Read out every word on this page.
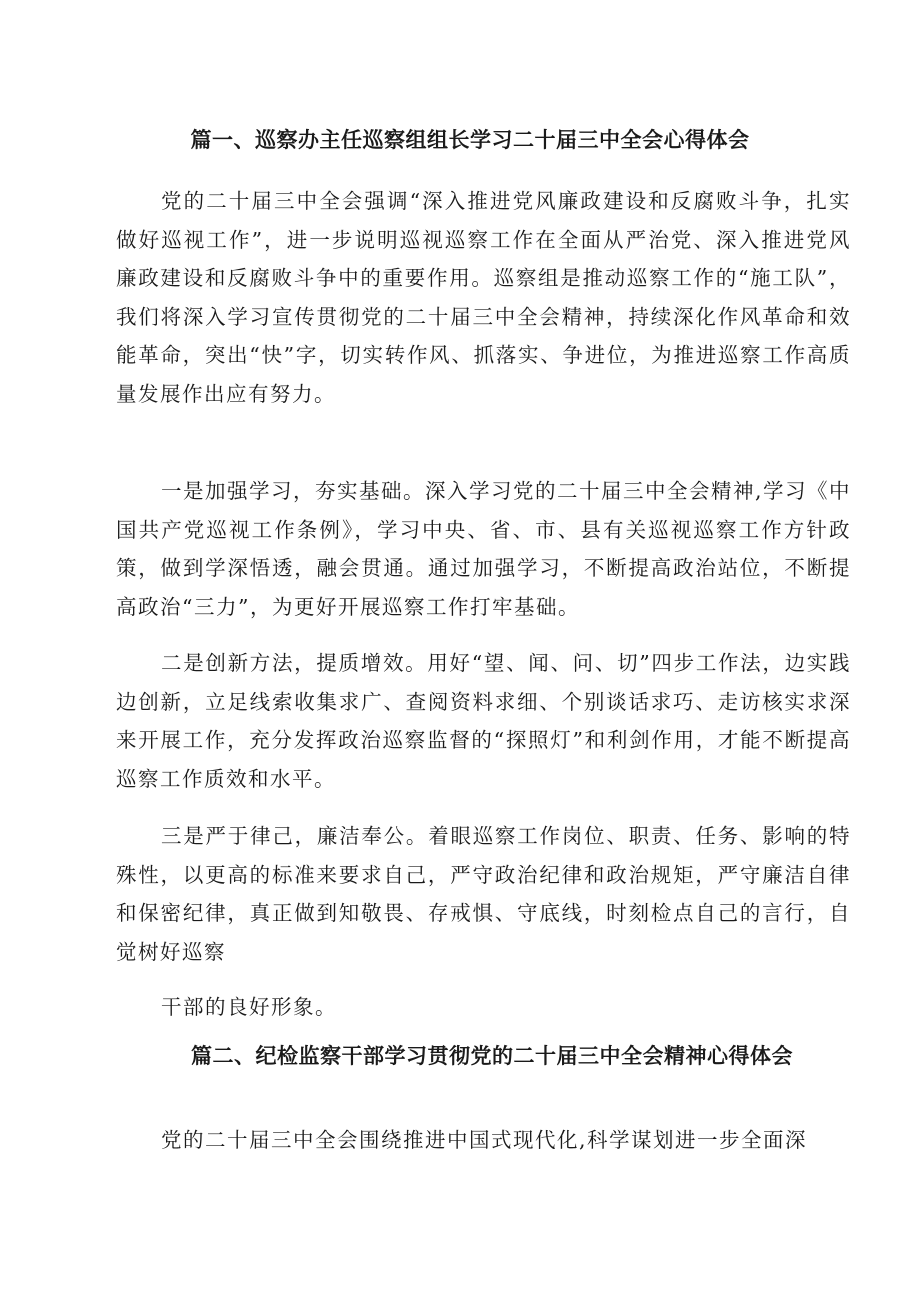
篇一、巡察办主任巡察组组长学习二十届三中全会心得体会

党的二十届三中全会强调“深入推进党风廉政建设和反腐败斗争，扎实做好巡视工作”，进一步说明巡视巡察工作在全面从严治党、深入推进党风廉政建设和反腐败斗争中的重要作用。巡察组是推动巡察工作的“施工队”，我们将深入学习宣传贯彻党的二十届三中全会精神，持续深化作风革命和效能革命，突出“快”字，切实转作风、抓落实、争进位，为推进巡察工作高质量发展作出应有努力。

一是加强学习，夯实基础。深入学习党的二十届三中全会精神,学习《中国共产党巡视工作条例》，学习中央、省、市、县有关巡视巡察工作方针政策，做到学深悟透，融会贯通。通过加强学习，不断提高政治站位，不断提高政治“三力”，为更好开展巡察工作打牢基础。

二是创新方法，提质增效。用好“望、闻、问、切”四步工作法，边实践边创新，立足线索收集求广、查阅资料求细、个别谈话求巧、走访核实求深来开展工作，充分发挥政治巡察监督的“探照灯”和利剑作用，才能不断提高巡察工作质效和水平。

三是严于律己，廉洁奉公。着眼巡察工作岗位、职责、任务、影响的特殊性，以更高的标准来要求自己，严守政治纪律和政治规矩，严守廉洁自律和保密纪律，真正做到知敬畏、存戒惧、守底线，时刻检点自己的言行，自觉树好巡察

干部的良好形象。

篇二、纪检监察干部学习贯彻党的二十届三中全会精神心得体会

党的二十届三中全会围绕推进中国式现代化,科学谋划进一步全面深
